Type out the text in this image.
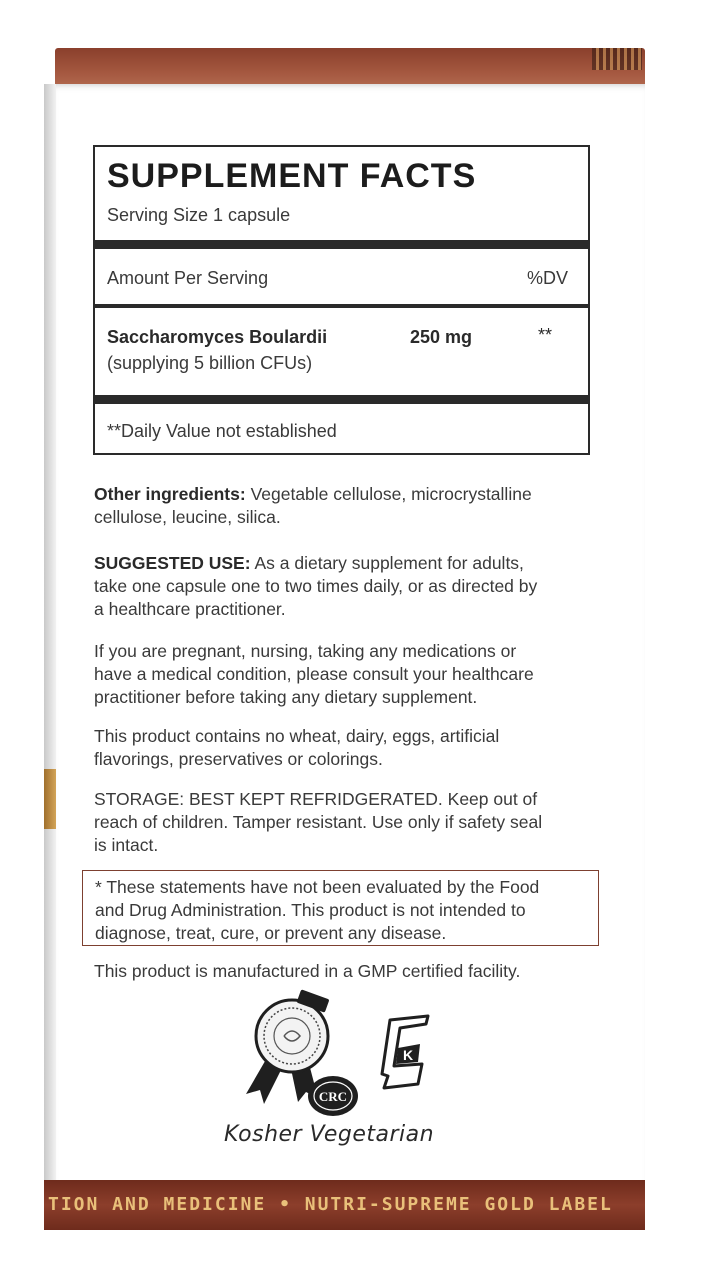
SUPPLEMENT FACTS
Serving Size 1 capsule
Amount Per Serving	%DV
Saccharomyces Boulardii	250 mg	**
(supplying 5 billion CFUs)
**Daily Value not established
Other ingredients: Vegetable cellulose, microcrystalline
cellulose, leucine, silica.
SUGGESTED USE: As a dietary supplement for adults,
take one capsule one to two times daily, or as directed by
a healthcare practitioner.
If you are pregnant, nursing, taking any medications or
have a medical condition, please consult your healthcare
practitioner before taking any dietary supplement.
This product contains no wheat, dairy, eggs, artificial
flavorings, preservatives or colorings.
STORAGE: BEST KEPT REFRIDGERATED. Keep out of
reach of children. Tamper resistant. Use only if safety seal
is intact.
* These statements have not been evaluated by the Food
and Drug Administration. This product is not intended to
diagnose, treat, cure, or prevent any disease.
This product is manufactured in a GMP certified facility.
CRC
K
Kosher Vegetarian
TION AND MEDICINE • NUTRI-SUPREME GOLD LABEL
